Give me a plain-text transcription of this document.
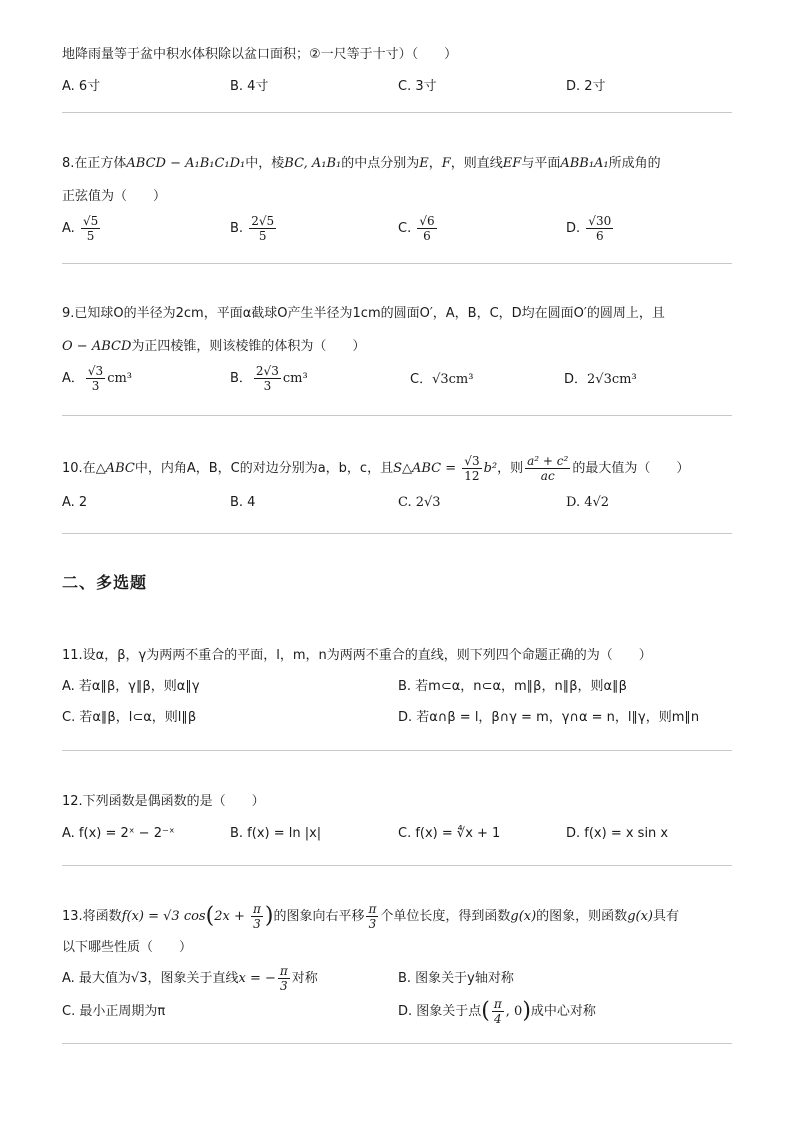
地降雨量等于盆中积水体积除以盆口面积；②一尺等于十寸）（　　）
A. 6寸	B. 4寸	C. 3寸	D. 2寸
8.在正方体ABCD − A₁B₁C₁D₁中，棱BC, A₁B₁的中点分别为E，F，则直线EF与平面ABB₁A₁所成角的
正弦值为（　　）
A. $\frac{√5}{5}$	B. $\frac{2√5}{5}$	C. $\frac{√6}{6}$	D. $\frac{√30}{6}$
9.已知球O的半径为2cm，平面α截球O产生半径为1cm的圆面O′，A，B，C，D均在圆面O′的圆周上，且
O − ABCD为正四棱锥，则该棱锥的体积为（　　）
A． $\frac{√3}{3} cm^3$	B． $\frac{2√3}{3} cm^3$	C．√3cm³	D．2√3cm³
10.在△ABC中，内角A，B，C的对边分别为a，b，c，且S△ABC = $\frac{√3}{12} b^2$，则 $\frac{\text{a² + c²}}{ac}$ 的最大值为（　　）
A. 2	B. 4	C. 2√3	D. 4√2
二、多选题
11.设α，β，γ为两两不重合的平面，l，m，n为两两不重合的直线，则下列四个命题正确的为（　　）
A. 若α∥β，γ∥β，则α∥γ	B. 若m⊂α，n⊂α，m∥β，n∥β，则α∥β
C. 若α∥β，l⊂α，则l∥β	D. 若α∩β = l，β∩γ = m，γ∩α = n，l∥γ，则m∥n
12.下列函数是偶函数的是（　　）
A. f(x) = 2ˣ − 2⁻ˣ	B. f(x) = ln |x|	C. f(x) = ∜x + 1	D. f(x) = x sin x
13.将函数f(x) = √3 $\cos(2x + \frac{\pi}{3}$ )的图象向右平移 $\frac{\pi}{3}$ 个单位长度，得到函数g(x)的图象，则函数g(x)具有
以下哪些性质（　　）
A. 最大值为√3，图象关于直线x = − $\frac{\pi}{3}$ 对称	B. 图象关于y轴对称
C. 最小正周期为π	D. 图象关于点( $\frac{\pi}{4}$ , 0)成中心对称
